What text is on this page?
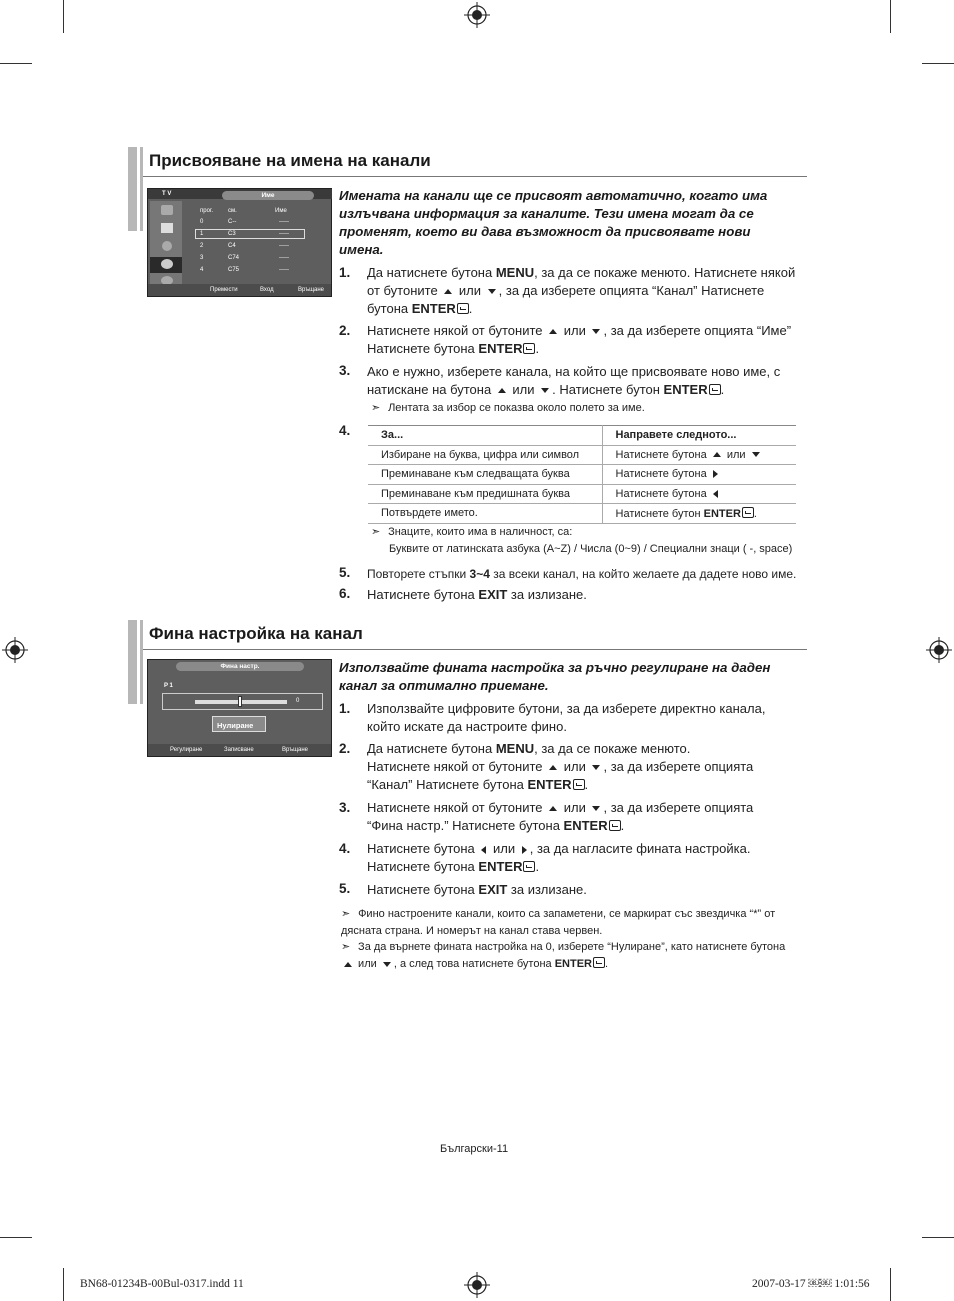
Присвояване на имена на канали
T V	Име
прог. см.	Име
0	C--	-----
1	C3	-----
2	C4	-----
3	C74	-----
4	C75	-----
Премести	Вход	Връщане
Имената на канали ще се присвоят автоматично, когато има излъчвана информация за каналите. Тези имена могат да се променят, което ви дава възможност да присвоявате нови имена.
1. Да натиснете бутона MENU, за да се покаже менюто. Натиснете някой от бутоните  или , за да изберете опцията “Канал” Натиснете бутона ENTER .
2. Натиснете някой от бутоните  или , за да изберете опцията “Име” Натиснете бутона ENTER .
3. Ако е нужно, изберете канала, на който ще присвоявате ново име, с натискане на бутона  или . Натиснете бутон ENTER .
➣ Лентата за избор се показва около полето за име.
4.	За...	Направете следното...
Избиране на буква, цифра или символ	Натиснете бутона  или
Преминаване към следващата буква	Натиснете бутона
Преминаване към предишната буква	Натиснете бутона
Потвърдете името.	Натиснете бутон ENTER .
➣ Знаците, които има в наличност, са:
Буквите от латинската азбука (A~Z) / Числа (0~9) / Специални знаци ( -, space)
5. Повторете стъпки 3~4 за всеки канал, на който желаете да дадете ново име.
6. Натиснете бутона EXIT за излизане.
Фина настройка на канал
Фина настр.
P 1
0
Нулиране
Регулиране	Записване	Връщане
Използвайте фината настройка за ръчно регулиране на даден канал за оптимално приемане.
1. Използвайте цифровите бутони, за да изберете директно канала, който искате да настроите фино.
2. Да натиснете бутона MENU, за да се покаже менюто.
Натиснете някой от бутоните  или , за да изберете опцията “Канал” Натиснете бутона ENTER .
3. Натиснете някой от бутоните  или , за да изберете опцията “Фина настр.” Натиснете бутона ENTER .
4. Натиснете бутона  или , за да нагласите фината настройка. Натиснете бутона ENTER .
5. Натиснете бутона EXIT за излизане.
➣ Фино настроените канали, които са запаметени, се маркират със звездичка “*” от дясната страна. И номерът на канал става червен.
➣ За да върнете фината настройка на 0, изберете “Нулиране”, като натиснете бутона  или , а след това натиснете бутона ENTER .
Български-11
BN68-01234B-00Bul-0317.indd 11	2007-03-17 ￼￼ 1:01:56
